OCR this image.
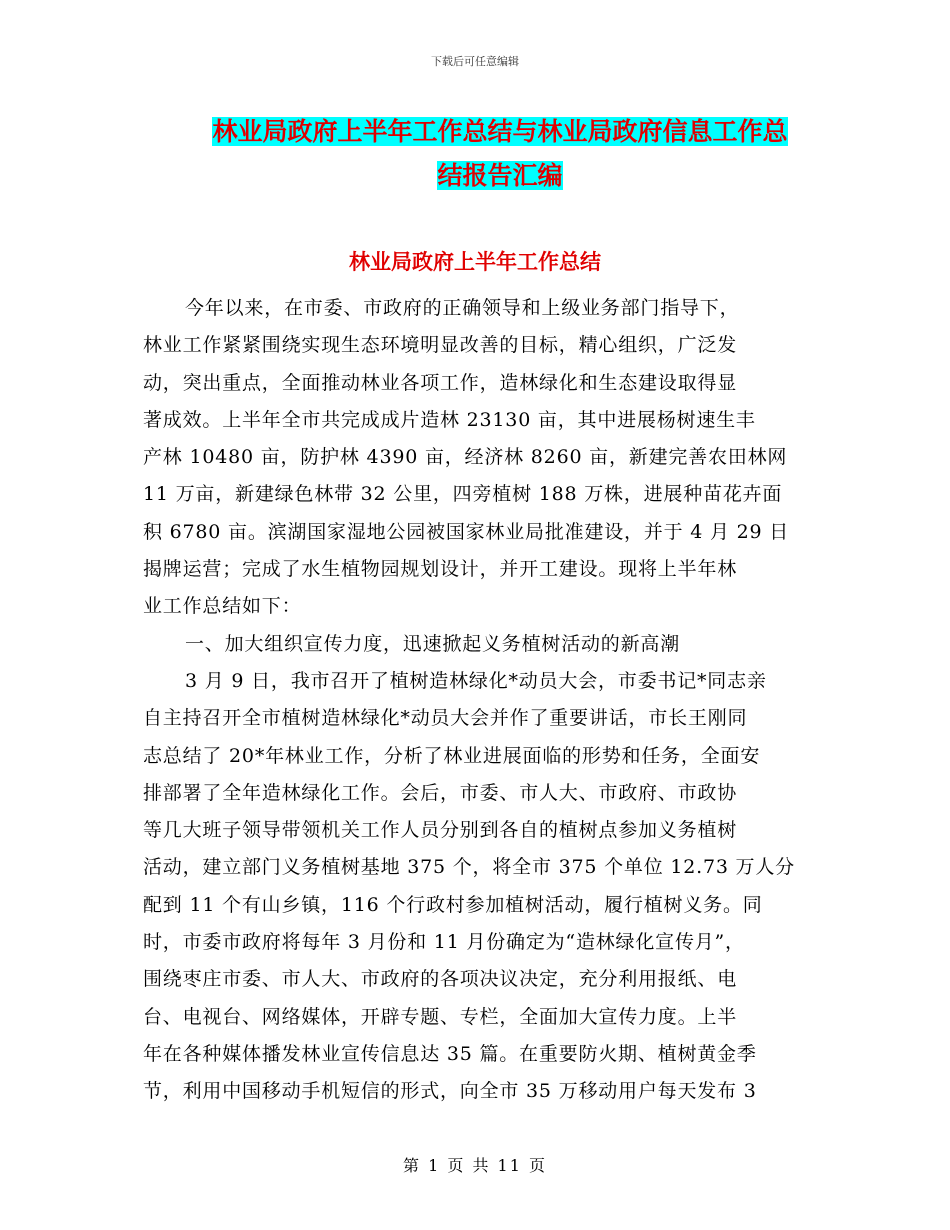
下载后可任意编辑
林业局政府上半年工作总结与林业局政府信息工作总
结报告汇编
林业局政府上半年工作总结
今年以来，在市委、市政府的正确领导和上级业务部门指导下，
林业工作紧紧围绕实现生态环境明显改善的目标，精心组织，广泛发
动，突出重点，全面推动林业各项工作，造林绿化和生态建设取得显
著成效。上半年全市共完成成片造林 23130 亩，其中进展杨树速生丰
产林 10480 亩，防护林 4390 亩，经济林 8260 亩，新建完善农田林网
11 万亩，新建绿色林带 32 公里，四旁植树 188 万株，进展种苗花卉面
积 6780 亩。滨湖国家湿地公园被国家林业局批准建设，并于 4 月 29 日
揭牌运营；完成了水生植物园规划设计，并开工建设。现将上半年林
业工作总结如下：
一、加大组织宣传力度，迅速掀起义务植树活动的新高潮
3 月 9 日，我市召开了植树造林绿化*动员大会，市委书记*同志亲
自主持召开全市植树造林绿化*动员大会并作了重要讲话，市长王刚同
志总结了 20*年林业工作，分析了林业进展面临的形势和任务，全面安
排部署了全年造林绿化工作。会后，市委、市人大、市政府、市政协
等几大班子领导带领机关工作人员分别到各自的植树点参加义务植树
活动，建立部门义务植树基地 375 个，将全市 375 个单位 12.73 万人分
配到 11 个有山乡镇，116 个行政村参加植树活动，履行植树义务。同
时，市委市政府将每年 3 月份和 11 月份确定为“造林绿化宣传月”，
围绕枣庄市委、市人大、市政府的各项决议决定，充分利用报纸、电
台、电视台、网络媒体，开辟专题、专栏，全面加大宣传力度。上半
年在各种媒体播发林业宣传信息达 35 篇。在重要防火期、植树黄金季
节，利用中国移动手机短信的形式，向全市 35 万移动用户每天发布 3
第 1 页 共 11 页
